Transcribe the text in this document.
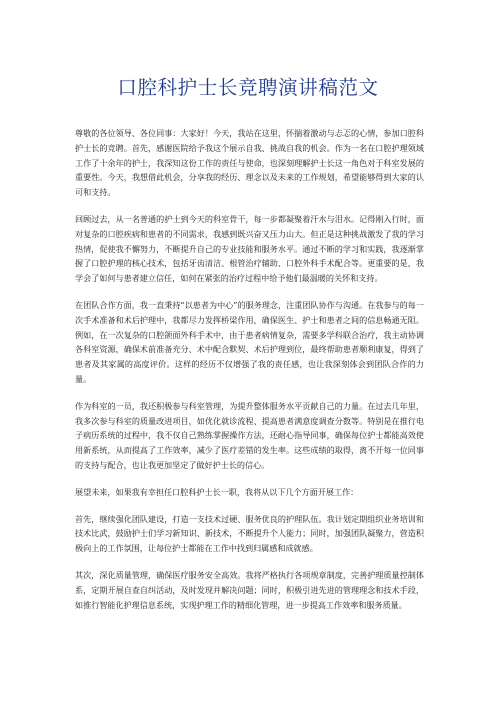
口腔科护士长竞聘演讲稿范文

尊敬的各位领导、各位同事：大家好！今天，我站在这里，怀揣着激动与忐忑的心情，参加口腔科护士长的竞聘。首先，感谢医院给予我这个展示自我、挑战自我的机会。作为一名在口腔护理领域工作了十余年的护士，我深知这份工作的责任与使命，也深刻理解护士长这一角色对于科室发展的重要性。今天，我想借此机会，分享我的经历、理念以及未来的工作规划，希望能够得到大家的认可和支持。

回顾过去，从一名普通的护士到今天的科室骨干，每一步都凝聚着汗水与泪水。记得刚入行时，面对复杂的口腔疾病和患者的不同需求，我感到既兴奋又压力山大。但正是这种挑战激发了我的学习热情，促使我不懈努力，不断提升自己的专业技能和服务水平。通过不断的学习和实践，我逐渐掌握了口腔护理的核心技术，包括牙齿清洁、根管治疗辅助、口腔外科手术配合等。更重要的是，我学会了如何与患者建立信任，如何在紧张的治疗过程中给予他们最温暖的关怀和支持。

在团队合作方面，我一直秉持“以患者为中心”的服务理念，注重团队协作与沟通。在我参与的每一次手术准备和术后护理中，我都尽力发挥桥梁作用，确保医生、护士和患者之间的信息畅通无阻。例如，在一次复杂的口腔颌面外科手术中，由于患者病情复杂，需要多学科联合治疗，我主动协调各科室资源，确保术前准备充分、术中配合默契、术后护理到位，最终帮助患者顺利康复，得到了患者及其家属的高度评价。这样的经历不仅增强了我的责任感，也让我深刻体会到团队合作的力量。

作为科室的一员，我还积极参与科室管理，为提升整体服务水平贡献自己的力量。在过去几年里，我多次参与科室的质量改进项目，如优化就诊流程、提高患者满意度调查分数等。特别是在推行电子病历系统的过程中，我不仅自己熟练掌握操作方法，还耐心指导同事，确保每位护士都能高效使用新系统，从而提高了工作效率，减少了医疗差错的发生率。这些成绩的取得，离不开每一位同事的支持与配合，也让我更加坚定了做好护士长的信心。

展望未来，如果我有幸担任口腔科护士长一职，我将从以下几个方面开展工作：

首先，继续强化团队建设，打造一支技术过硬、服务优良的护理队伍。我计划定期组织业务培训和技术比武，鼓励护士们学习新知识、新技术，不断提升个人能力；同时，加强团队凝聚力，营造积极向上的工作氛围，让每位护士都能在工作中找到归属感和成就感。

其次，深化质量管理，确保医疗服务安全高效。我将严格执行各项规章制度，完善护理质量控制体系，定期开展自查自纠活动，及时发现并解决问题；同时，积极引进先进的管理理念和技术手段，如推行智能化护理信息系统，实现护理工作的精细化管理，进一步提高工作效率和服务质量。
